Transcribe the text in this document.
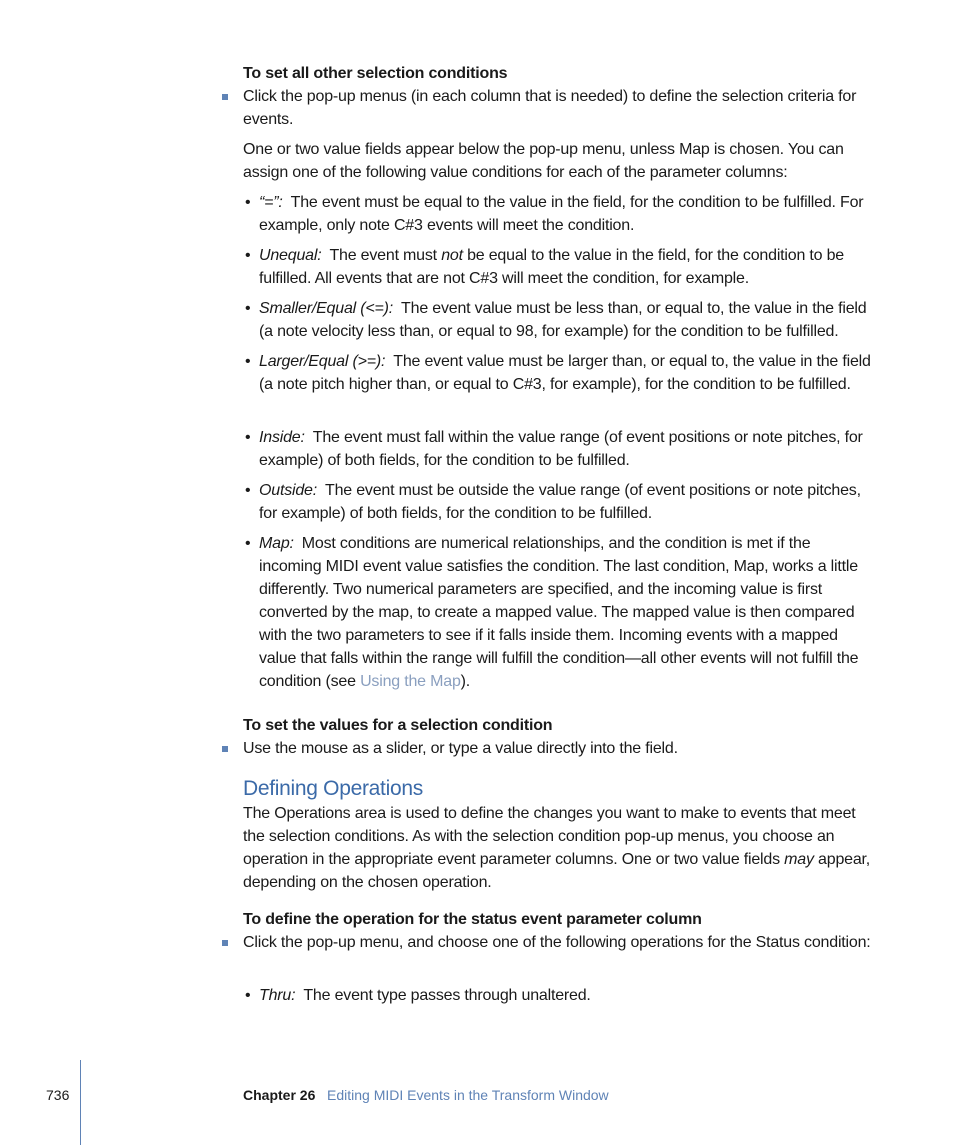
To set all other selection conditions
Click the pop-up menus (in each column that is needed) to define the selection criteria for events.
One or two value fields appear below the pop-up menu, unless Map is chosen. You can assign one of the following value conditions for each of the parameter columns:
• “=”: The event must be equal to the value in the field, for the condition to be fulfilled. For example, only note C#3 events will meet the condition.
• Unequal: The event must not be equal to the value in the field, for the condition to be fulfilled. All events that are not C#3 will meet the condition, for example.
• Smaller/Equal (<=): The event value must be less than, or equal to, the value in the field (a note velocity less than, or equal to 98, for example) for the condition to be fulfilled.
• Larger/Equal (>=): The event value must be larger than, or equal to, the value in the field (a note pitch higher than, or equal to C#3, for example), for the condition to be fulfilled.
• Inside: The event must fall within the value range (of event positions or note pitches, for example) of both fields, for the condition to be fulfilled.
• Outside: The event must be outside the value range (of event positions or note pitches, for example) of both fields, for the condition to be fulfilled.
• Map: Most conditions are numerical relationships, and the condition is met if the incoming MIDI event value satisfies the condition. The last condition, Map, works a little differently. Two numerical parameters are specified, and the incoming value is first converted by the map, to create a mapped value. The mapped value is then compared with the two parameters to see if it falls inside them. Incoming events with a mapped value that falls within the range will fulfill the condition—all other events will not fulfill the condition (see Using the Map).
To set the values for a selection condition
Use the mouse as a slider, or type a value directly into the field.
Defining Operations
The Operations area is used to define the changes you want to make to events that meet the selection conditions. As with the selection condition pop-up menus, you choose an operation in the appropriate event parameter columns. One or two value fields may appear, depending on the chosen operation.
To define the operation for the status event parameter column
Click the pop-up menu, and choose one of the following operations for the Status condition:
• Thru: The event type passes through unaltered.
736	Chapter 26 Editing MIDI Events in the Transform Window
